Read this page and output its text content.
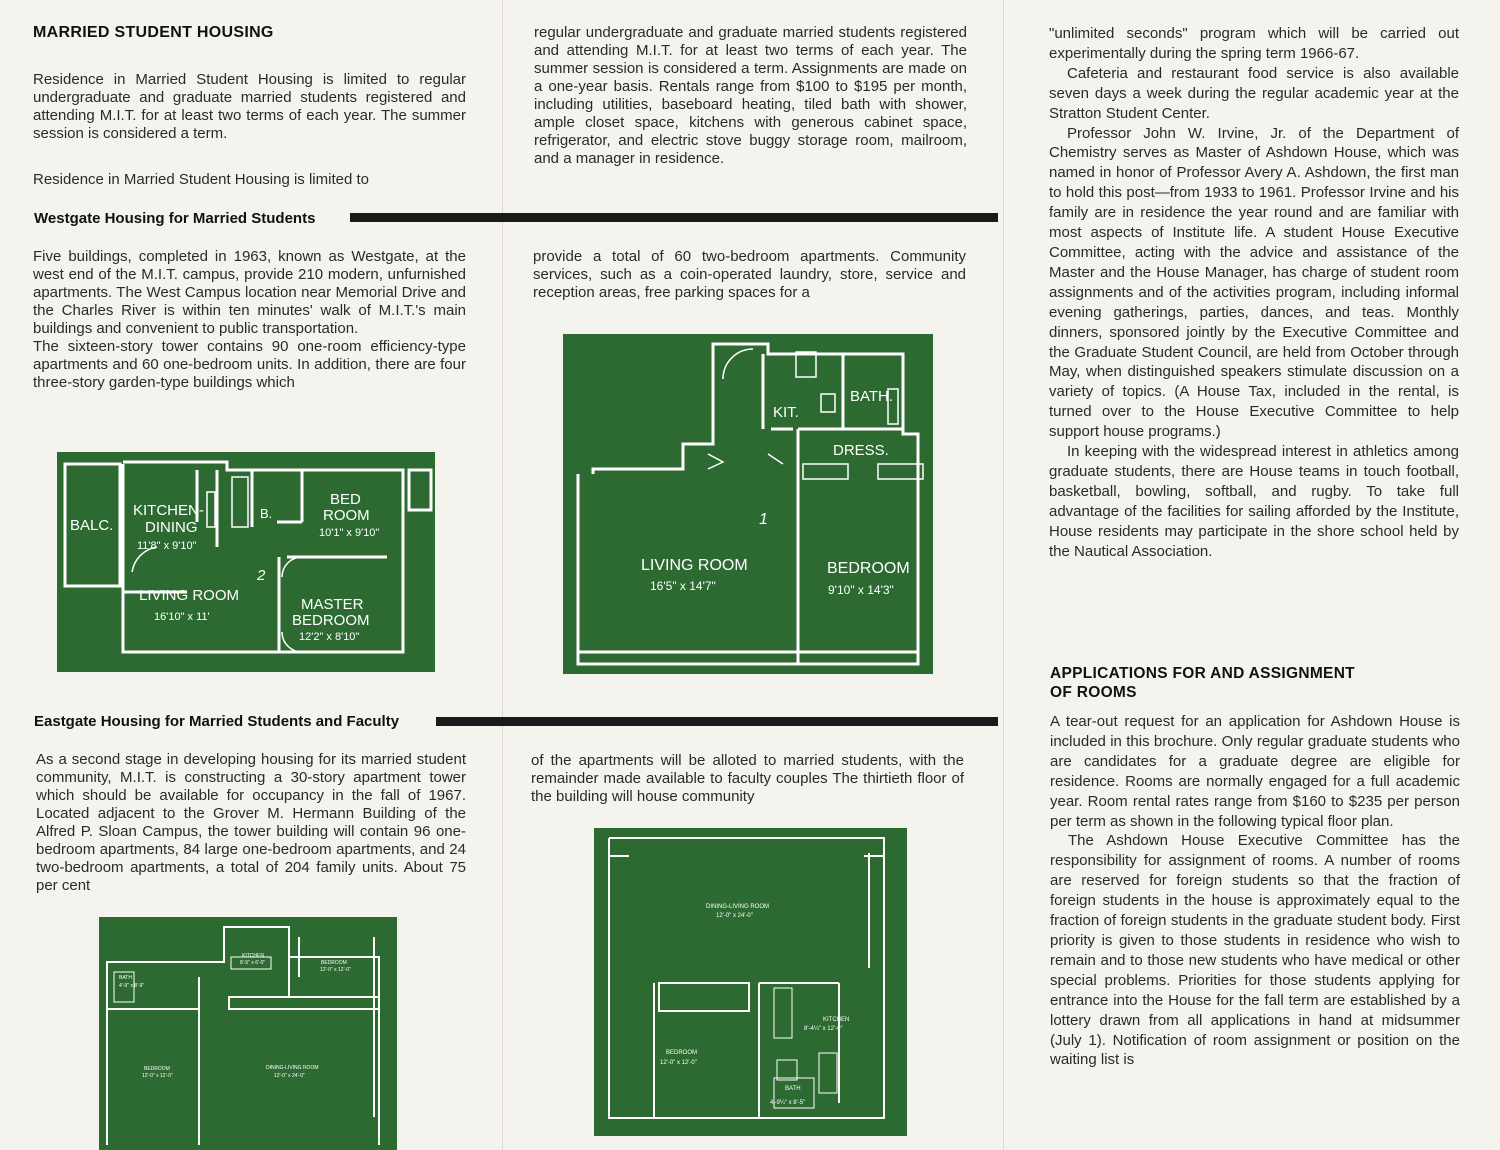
MARRIED STUDENT HOUSING

Residence in Married Student Housing is limited to regular undergraduate and graduate married students registered and attending M.I.T. for at least two terms of each year. The summer session is considered a term.

Residence in Married Student Housing is limited to

Westgate Housing for Married Students

Five buildings, completed in 1963, known as Westgate, at the west end of the M.I.T. campus, provide 210 modern, unfurnished apartments. The West Campus location near Memorial Drive and the Charles River is within ten minutes' walk of M.I.T.'s main buildings and convenient to public transportation.

The sixteen-story tower contains 90 one-room efficiency-type apartments and 60 one-bedroom units. In addition, there are four three-story garden-type buildings which

Eastgate Housing for Married Students and Faculty

As a second stage in developing housing for its married student community, M.I.T. is constructing a 30-story apartment tower which should be available for occupancy in the fall of 1967. Located adjacent to the Grover M. Hermann Building of the Alfred P. Sloan Campus, the tower building will contain 96 one-bedroom apartments, 84 large one-bedroom apartments, and 24 two-bedroom apartments, a total of 204 family units. About 75 per cent

BALC.
KITCHEN-
DINING
11'8" x 9'10"
B.
BED
ROOM
10'1" x 9'10"
2
LIVING ROOM
16'10" x 11'
MASTER
BEDROOM
12'2" x 8'10"
KITCHEN
8'-5" x 6'-0"	BEDROOM
12'-0" x 12'-0"
BATH
4'-9" x 8'-9"
BEDROOM
12'-0" x 12'-0"
DINING-LIVING ROOM
12'-0" x 24'-0"

regular undergraduate and graduate married students registered and attending M.I.T. for at least two terms of each year. The summer session is considered a term. Assignments are made on a one-year basis. Rentals range from $100 to $195 per month, including utilities, baseboard heating, tiled bath with shower, ample closet space, kitchens with generous cabinet space, refrigerator, and electric stove buggy storage room, mailroom, and a manager in residence.

provide a total of 60 two-bedroom apartments. Community services, such as a coin-operated laundry, store, service and reception areas, free parking spaces for a

KIT.
BATH.
DRESS.
1
LIVING ROOM
16'5" x 14'7"
BEDROOM
9'10" x 14'3"

of the apartments will be alloted to married students, with the remainder made available to faculty couples The thirtieth floor of the building will house community

DINING-LIVING ROOM
12'-0" x 24'-0"
KITCHEN
8'-4¼" x 12'-0"
BEDROOM
12'-0" x 12'-0"
BATH
4'-9¼" x 8'-5"

"unlimited seconds" program which will be carried out experimentally during the spring term 1966-67.

Cafeteria and restaurant food service is also available seven days a week during the regular academic year at the Stratton Student Center.

Professor John W. Irvine, Jr. of the Department of Chemistry serves as Master of Ashdown House, which was named in honor of Professor Avery A. Ashdown, the first man to hold this post—from 1933 to 1961. Professor Irvine and his family are in residence the year round and are familiar with most aspects of Institute life. A student House Executive Committee, acting with the advice and assistance of the Master and the House Manager, has charge of student room assignments and of the activities program, including informal evening gatherings, parties, dances, and teas. Monthly dinners, sponsored jointly by the Executive Committee and the Graduate Student Council, are held from October through May, when distinguished speakers stimulate discussion on a variety of topics. (A House Tax, included in the rental, is turned over to the House Executive Committee to help support house programs.)

In keeping with the widespread interest in athletics among graduate students, there are House teams in touch football, basketball, bowling, softball, and rugby. To take full advantage of the facilities for sailing afforded by the Institute, House residents may participate in the shore school held by the Nautical Association.

APPLICATIONS FOR AND ASSIGNMENT
OF ROOMS

A tear-out request for an application for Ashdown House is included in this brochure. Only regular graduate students who are candidates for a graduate degree are eligible for residence. Rooms are normally engaged for a full academic year. Room rental rates range from $160 to $235 per person per term as shown in the following typical floor plan.

The Ashdown House Executive Committee has the responsibility for assignment of rooms. A number of rooms are reserved for foreign students so that the fraction of foreign students in the house is approximately equal to the fraction of foreign students in the graduate student body. First priority is given to those students in residence who wish to remain and to those new students who have medical or other special problems. Priorities for those students applying for entrance into the House for the fall term are established by a lottery drawn from all applications in hand at midsummer (July 1). Notification of room assignment or position on the waiting list is
